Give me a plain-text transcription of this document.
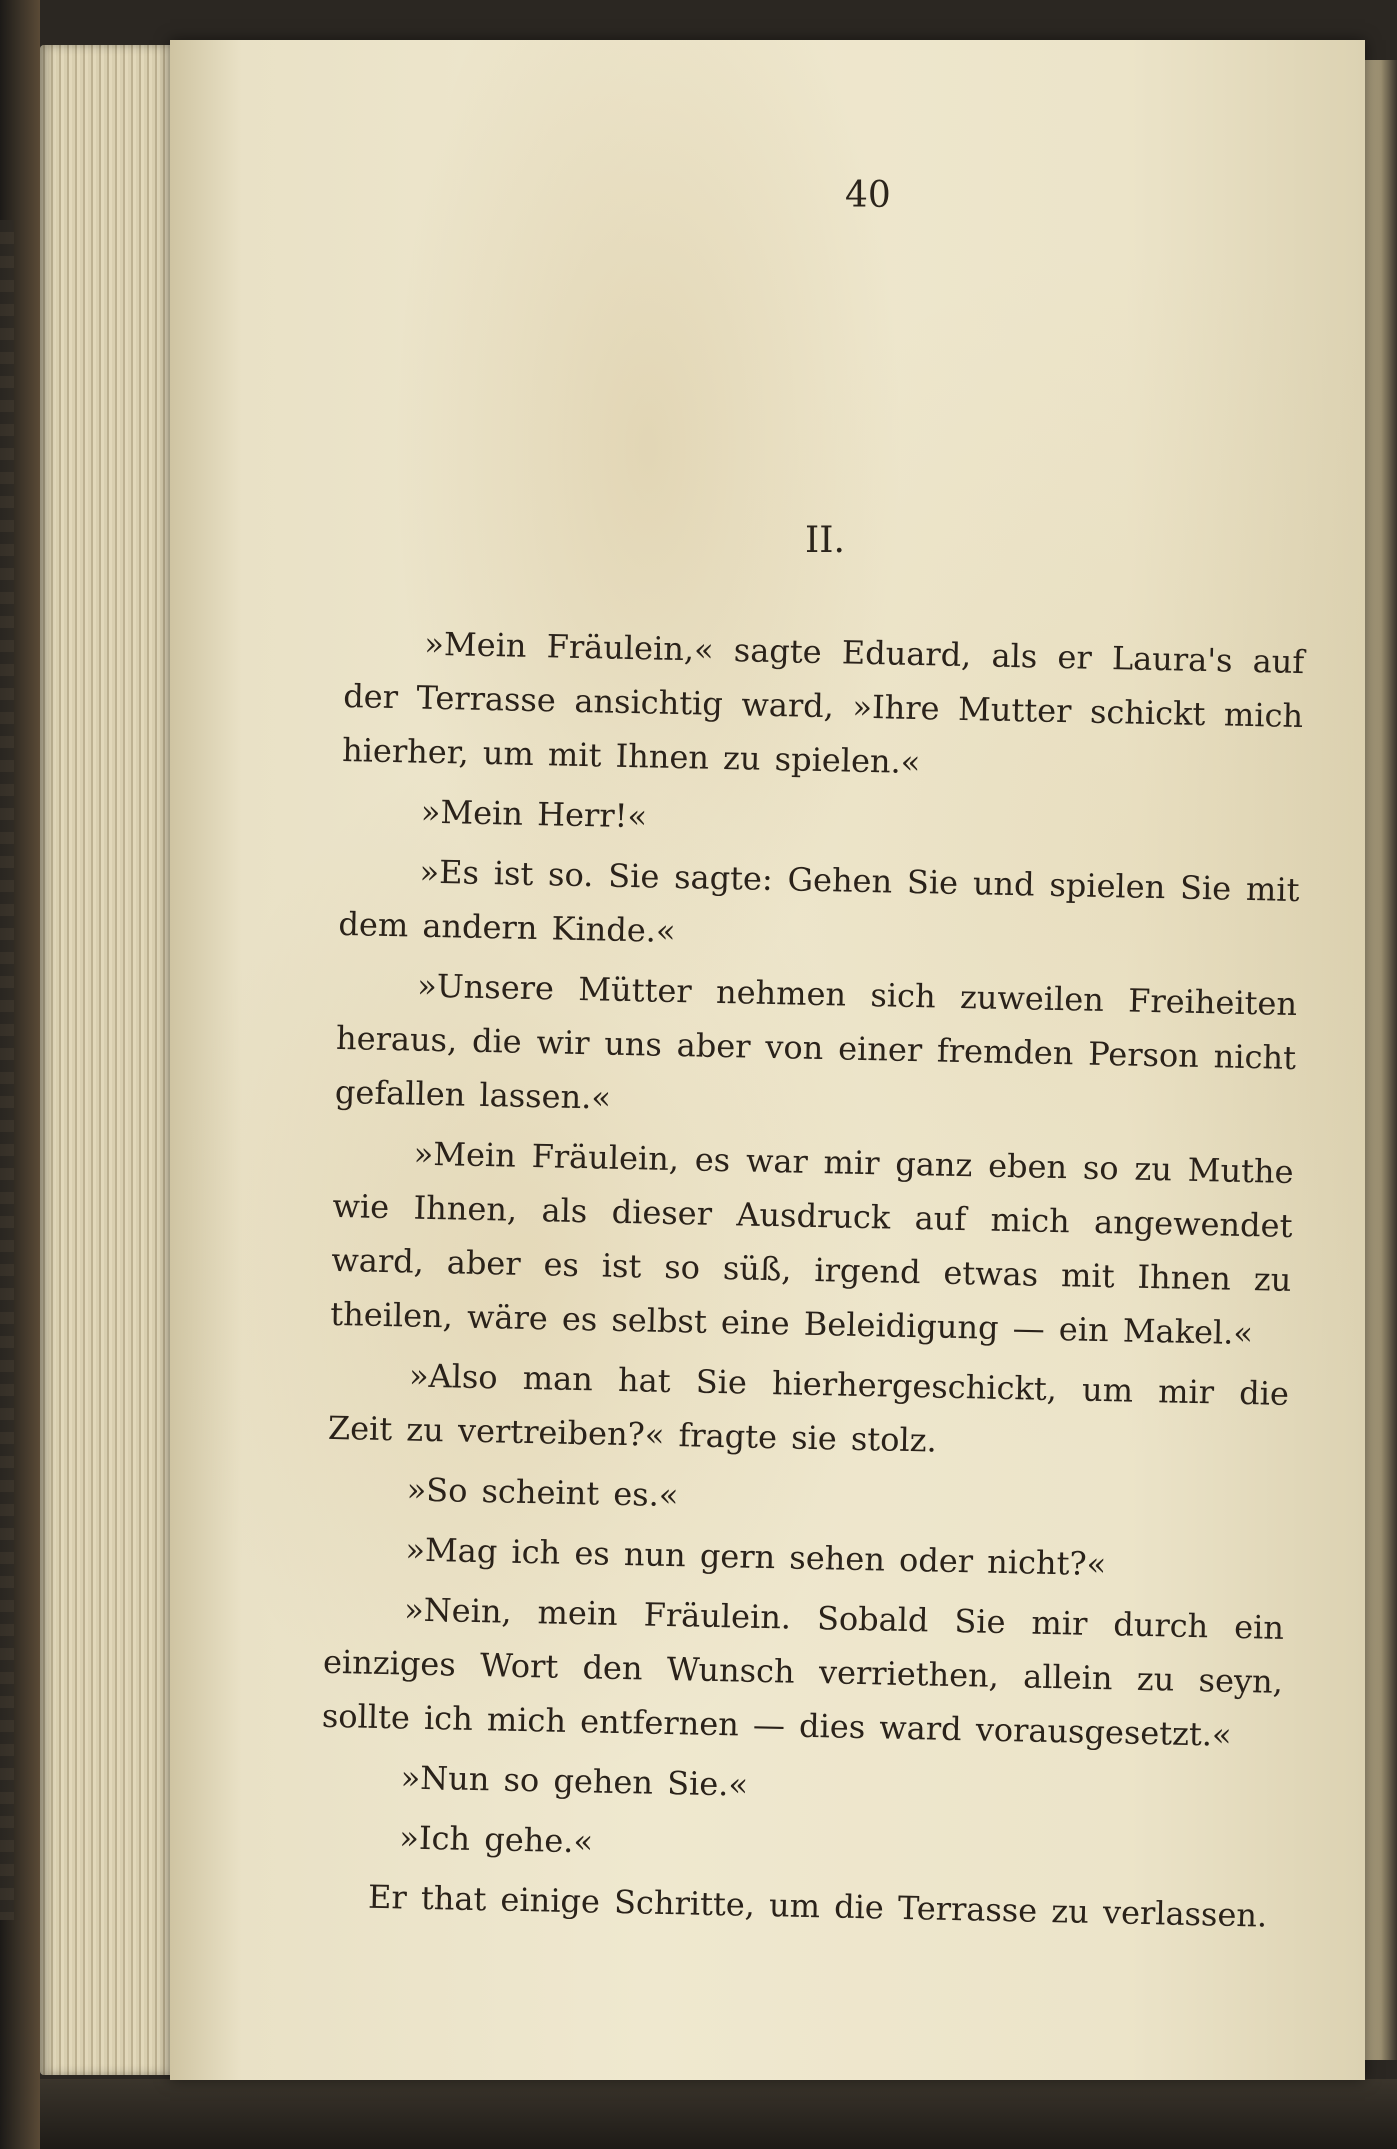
40
II.

»Mein Fräulein,« sagte Eduard, als er Laura's auf der Terrasse ansichtig ward, »Ihre Mutter schickt mich hierher, um mit Ihnen zu spielen.«

»Mein Herr!«

»Es ist so. Sie sagte: Gehen Sie und spielen Sie mit dem andern Kinde.«

»Unsere Mütter nehmen sich zuweilen Freiheiten heraus, die wir uns aber von einer fremden Person nicht gefallen lassen.«

»Mein Fräulein, es war mir ganz eben so zu Muthe wie Ihnen, als dieser Ausdruck auf mich angewendet ward, aber es ist so süß, irgend etwas mit Ihnen zu theilen, wäre es selbst eine Beleidigung — ein Makel.«

»Also man hat Sie hierhergeschickt, um mir die Zeit zu vertreiben?« fragte sie stolz.

»So scheint es.«

»Mag ich es nun gern sehen oder nicht?«

»Nein, mein Fräulein. Sobald Sie mir durch ein einziges Wort den Wunsch verriethen, allein zu seyn, sollte ich mich entfernen — dies ward vorausgesetzt.«

»Nun so gehen Sie.«

»Ich gehe.«

Er that einige Schritte, um die Terrasse zu verlassen.
